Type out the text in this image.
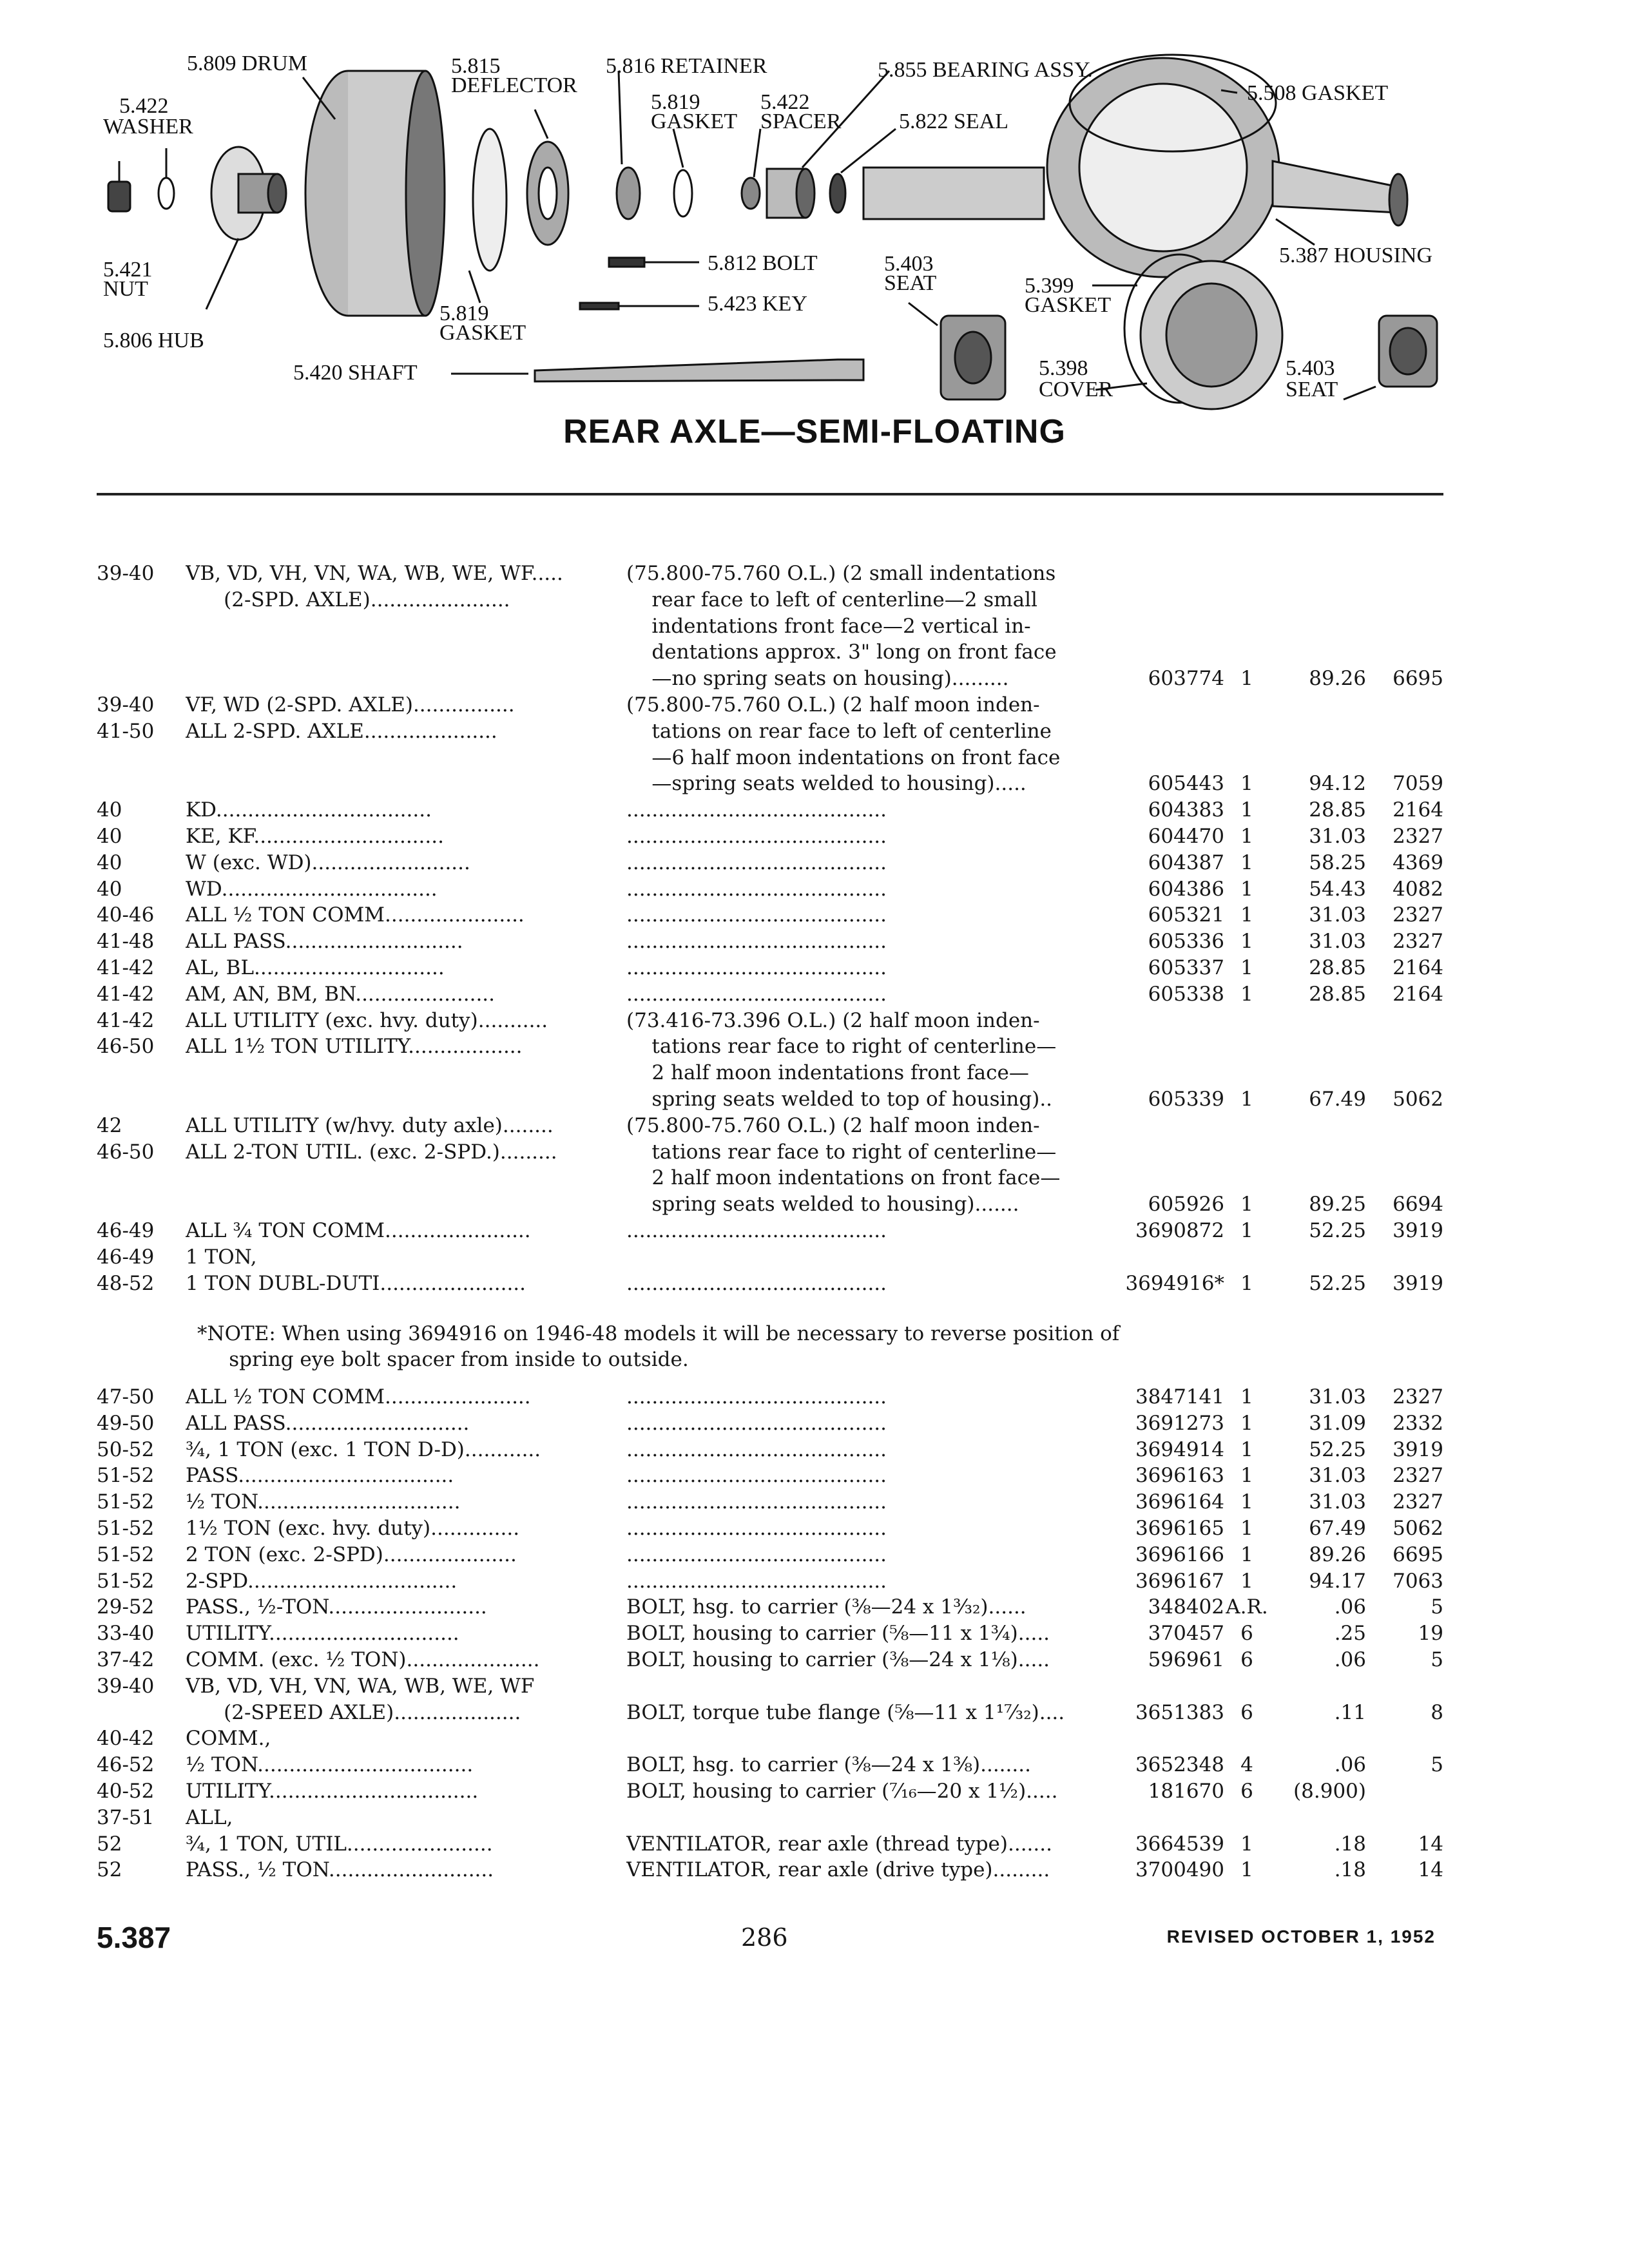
5.809 DRUM
5.422
WASHER
5.815
DEFLECTOR
5.816 RETAINER
5.819
GASKET
5.422
SPACER
5.855 BEARING ASSY.
5.822 SEAL
5.508 GASKET
5.421
NUT
5.806 HUB
5.819
GASKET
5.812 BOLT
5.423 KEY
5.403
SEAT	5.399
GASKET
5.387 HOUSING
5.420 SHAFT	5.398
COVER
5.403
SEAT
REAR AXLE—SEMI-FLOATING
*NOTE: When using 3694916 on 1946-48 models it will be necessary to reverse position of
spring eye bolt spacer from inside to outside.
39-40	VB, VD, VH, VN, WA, WB, WE, WF.....	(75.800-75.760 O.L.) (2 small indentations
(2-SPD. AXLE)......................	rear face to left of centerline—2 small
indentations front face—2 vertical in-
dentations approx. 3" long on front face
—no spring seats on housing).........	603774 1	89.26	6695
39-40	VF, WD (2-SPD. AXLE)................	(75.800-75.760 O.L.) (2 half moon inden-
41-50	ALL 2-SPD. AXLE.....................	tations on rear face to left of centerline
—6 half moon indentations on front face
—spring seats welded to housing).....	605443 1	94.12	7059
40	KD..................................	.........................................	604383 1	28.85	2164
40	KE, KF..............................	.........................................	604470 1	31.03	2327
40	W (exc. WD).........................	.........................................	604387 1	58.25	4369
40	WD..................................	.........................................	604386 1	54.43	4082
40-46	ALL ½ TON COMM......................	.........................................	605321 1	31.03	2327
41-48	ALL PASS............................	.........................................	605336 1	31.03	2327
41-42	AL, BL..............................	.........................................	605337 1	28.85	2164
41-42	AM, AN, BM, BN......................	.........................................	605338 1	28.85	2164
41-42	ALL UTILITY (exc. hvy. duty)...........	(73.416-73.396 O.L.) (2 half moon inden-
46-50	ALL 1½ TON UTILITY..................	tations rear face to right of centerline—
2 half moon indentations front face—
spring seats welded to top of housing)..	605339 1	67.49	5062
42	ALL UTILITY (w/hvy. duty axle)........	(75.800-75.760 O.L.) (2 half moon inden-
46-50	ALL 2-TON UTIL. (exc. 2-SPD.).........	tations rear face to right of centerline—
2 half moon indentations on front face—
spring seats welded to housing).......	605926 1	89.25	6694
46-49	ALL ¾ TON COMM.......................	.........................................	3690872 1	52.25	3919
46-49	1 TON,
48-52	1 TON DUBL-DUTI.......................	.........................................	3694916* 1	52.25	3919
47-50	ALL ½ TON COMM.......................	.........................................	3847141 1	31.03	2327
49-50	ALL PASS.............................	.........................................	3691273 1	31.09	2332
50-52	¾, 1 TON (exc. 1 TON D-D)............	.........................................	3694914 1	52.25	3919
51-52	PASS..................................	.........................................	3696163 1	31.03	2327
51-52	½ TON................................	.........................................	3696164 1	31.03	2327
51-52	1½ TON (exc. hvy. duty)..............	.........................................	3696165 1	67.49	5062
51-52	2 TON (exc. 2-SPD).....................	.........................................	3696166 1	89.26	6695
51-52	2-SPD.................................	.........................................	3696167 1	94.17	7063
29-52	PASS., ½-TON.........................	BOLT, hsg. to carrier (⅜—24 x 1³⁄₃₂)......	348402 A.R.	.06	5
33-40	UTILITY..............................	BOLT, housing to carrier (⅝—11 x 1¾).....	370457 6	.25	19
37-42	COMM. (exc. ½ TON).....................	BOLT, housing to carrier (⅜—24 x 1⅛).....	596961 6	.06	5
39-40	VB, VD, VH, VN, WA, WB, WE, WF
(2-SPEED AXLE)....................	BOLT, torque tube flange (⅝—11 x 1¹⁷⁄₃₂)....	3651383 6	.11	8
40-42	COMM.,
46-52	½ TON..................................	BOLT, hsg. to carrier (⅜—24 x 1⅜)........	3652348 4	.06	5
40-52	UTILITY.................................	BOLT, housing to carrier (⁷⁄₁₆—20 x 1½).....	181670 6	(8.900)
37-51	ALL,
52	¾, 1 TON, UTIL.......................	VENTILATOR, rear axle (thread type).......	3664539 1	.18	14
52	PASS., ½ TON..........................	VENTILATOR, rear axle (drive type).........	3700490 1	.18	14
5.387	286	REVISED OCTOBER 1, 1952
